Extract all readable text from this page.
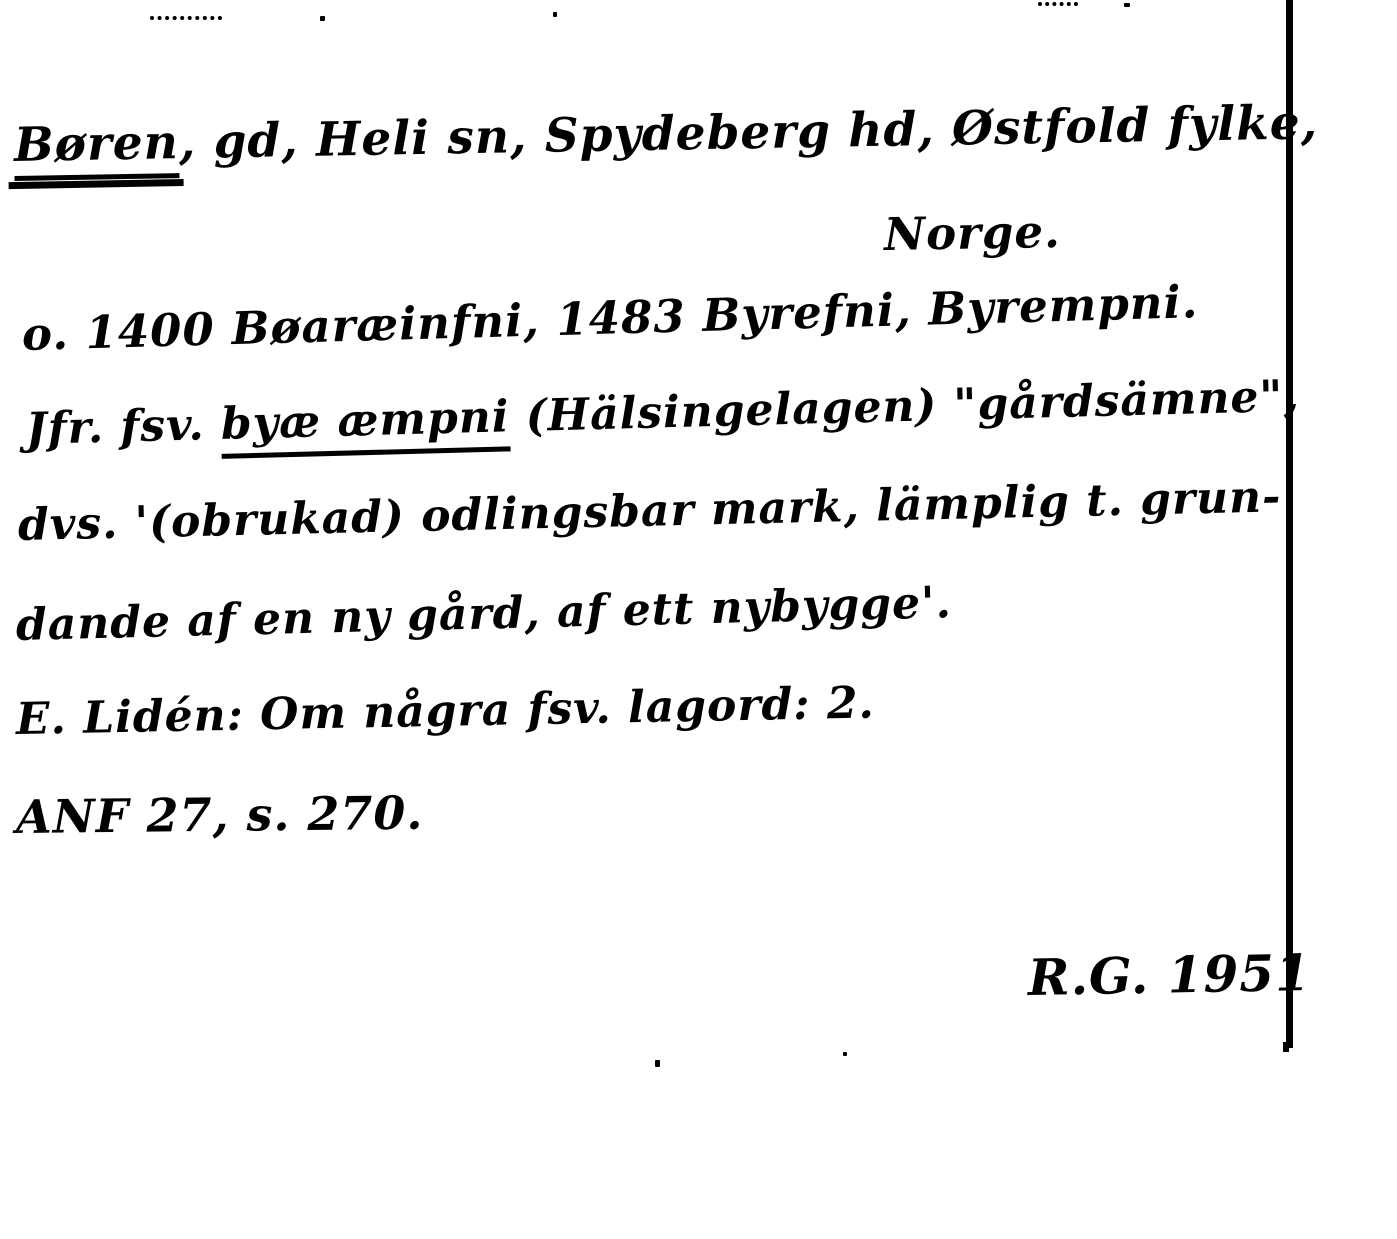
Børen, gd, Heli sn, Spydeberg hd, Østfold fylke,
Norge.
o. 1400 Bøaræinfni, 1483 Byrefni, Byrempni.
Jfr. fsv. byæ æmpni (Hälsingelagen) "gårdsämne",
dvs. '(obrukad) odlingsbar mark, lämplig t. grun-
dande af en ny gård, af ett nybygge'.
E. Lidén: Om några fsv. lagord: 2.
ANF 27, s. 270.
R.G. 1951
